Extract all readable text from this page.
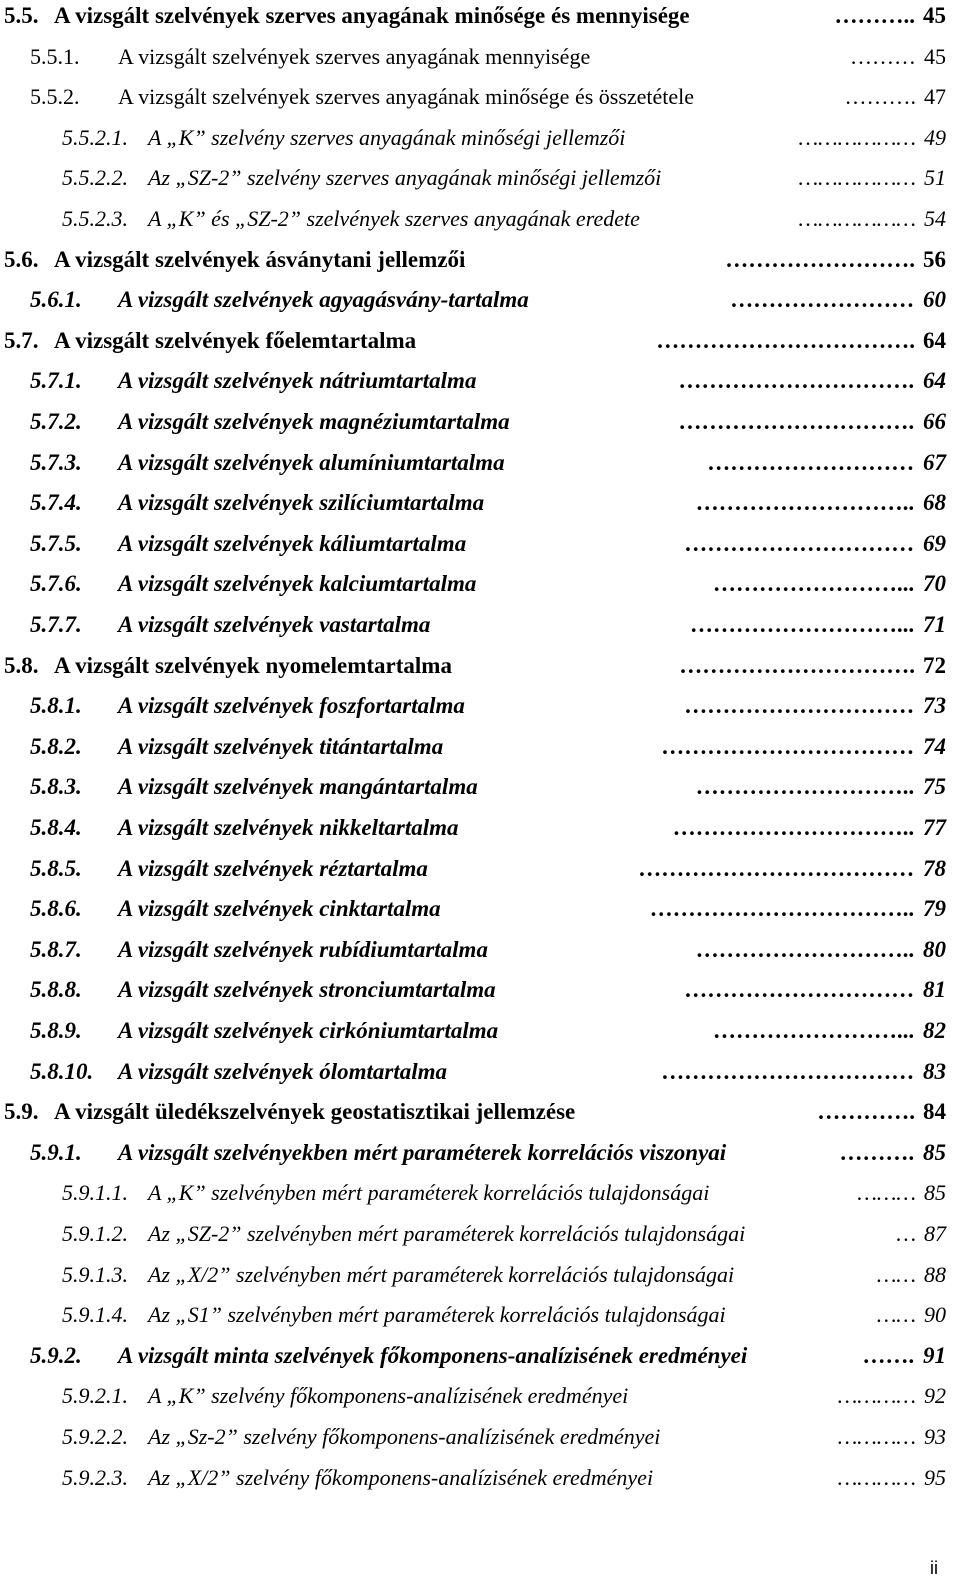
5.5. A vizsgált szelvények szerves anyagának minősége és mennyisége	……….. 45
5.5.1. A vizsgált szelvények szerves anyagának mennyisége	……… 45
5.5.2. A vizsgált szelvények szerves anyagának minősége és összetétele	………. 47
5.5.2.1. A „K” szelvény szerves anyagának minőségi jellemzői	……………… 49
5.5.2.2. Az „SZ-2” szelvény szerves anyagának minőségi jellemzői	……………… 51
5.5.2.3. A „K” és „SZ-2” szelvények szerves anyagának eredete	……………… 54
5.6. A vizsgált szelvények ásványtani jellemzői	……………………. 56
5.6.1. A vizsgált szelvények agyagásvány-tartalma	…………………… 60
5.7. A vizsgált szelvények főelemtartalma	……………………………. 64
5.7.1. A vizsgált szelvények nátriumtartalma	…………………………. 64
5.7.2. A vizsgált szelvények magnéziumtartalma	…………………………. 66
5.7.3. A vizsgált szelvények alumíniumtartalma	……………………… 67
5.7.4. A vizsgált szelvények szilíciumtartalma	……………………….. 68
5.7.5. A vizsgált szelvények káliumtartalma	………………………… 69
5.7.6. A vizsgált szelvények kalciumtartalma	……………………... 70
5.7.7. A vizsgált szelvények vastartalma	………………………... 71
5.8. A vizsgált szelvények nyomelemtartalma	…………………………. 72
5.8.1. A vizsgált szelvények foszfortartalma	………………………… 73
5.8.2. A vizsgált szelvények titántartalma	…………………………… 74
5.8.3. A vizsgált szelvények mangántartalma	……………………….. 75
5.8.4. A vizsgált szelvények nikkeltartalma	………………………….. 77
5.8.5. A vizsgált szelvények réztartalma	……………………………… 78
5.8.6. A vizsgált szelvények cinktartalma	…………………………….. 79
5.8.7. A vizsgált szelvények rubídiumtartalma	……………………….. 80
5.8.8. A vizsgált szelvények stronciumtartalma	………………………… 81
5.8.9. A vizsgált szelvények cirkóniumtartalma	……………………... 82
5.8.10. A vizsgált szelvények ólomtartalma	…………………………… 83
5.9. A vizsgált üledékszelvények geostatisztikai jellemzése	…………. 84
5.9.1. A vizsgált szelvényekben mért paraméterek korrelációs viszonyai	………. 85
5.9.1.1. A „K” szelvényben mért paraméterek korrelációs tulajdonságai	……… 85
5.9.1.2. Az „SZ-2” szelvényben mért paraméterek korrelációs tulajdonságai	… 87
5.9.1.3. Az „X/2” szelvényben mért paraméterek korrelációs tulajdonságai	…… 88
5.9.1.4. Az „S1” szelvényben mért paraméterek korrelációs tulajdonságai	…… 90
5.9.2. A vizsgált minta szelvények főkomponens-analízisének eredményei	……. 91
5.9.2.1. A „K” szelvény főkomponens-analízisének eredményei	………… 92
5.9.2.2. Az „Sz-2” szelvény főkomponens-analízisének eredményei	………… 93
5.9.2.3. Az „X/2” szelvény főkomponens-analízisének eredményei	………… 95
ii
